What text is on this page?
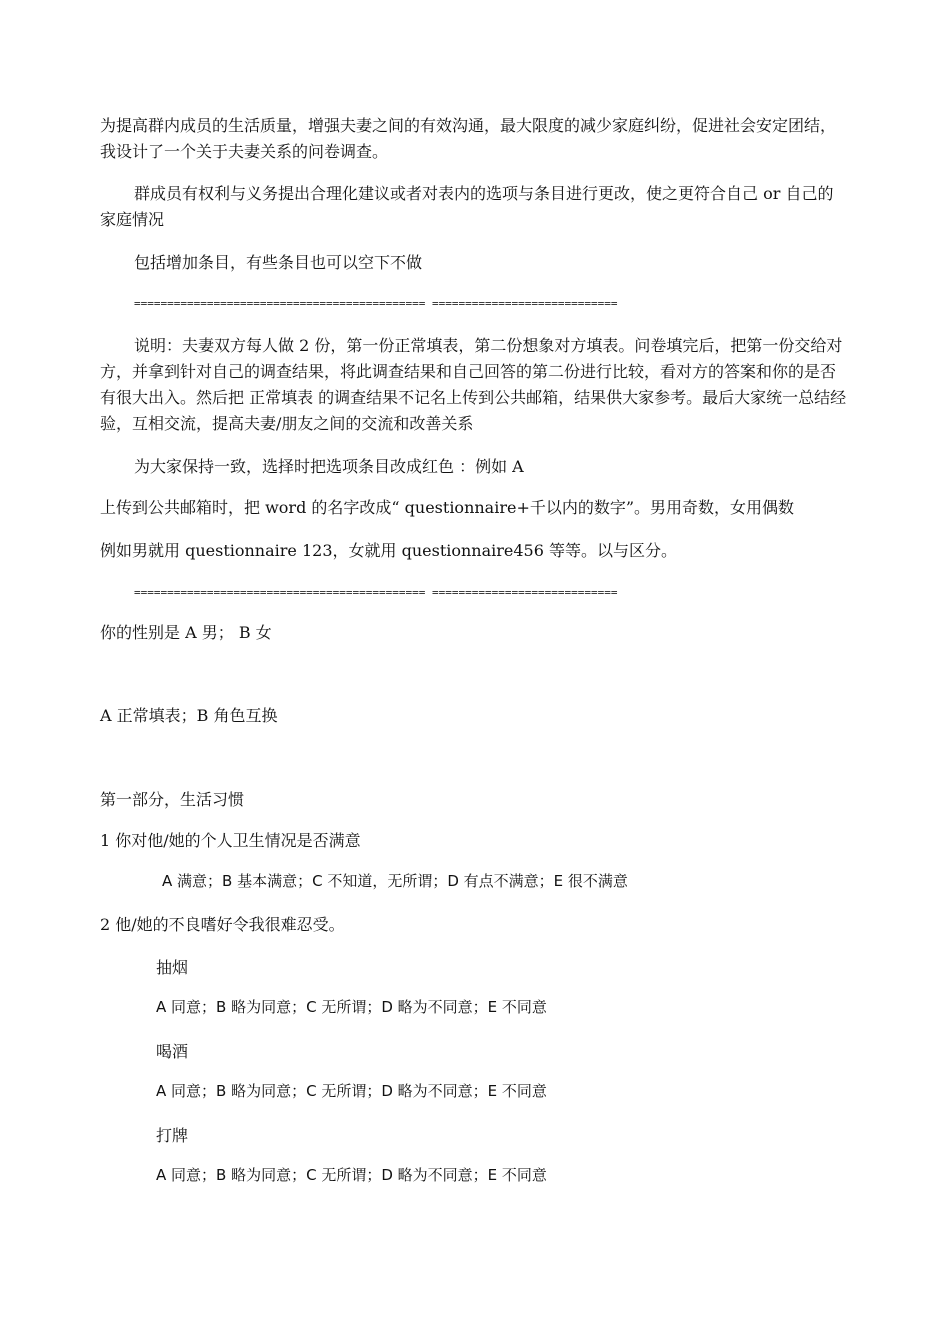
为提高群内成员的生活质量，增强夫妻之间的有效沟通，最大限度的减少家庭纠纷，促进社会安定团结，我设计了一个关于夫妻关系的问卷调查。

群成员有权利与义务提出合理化建议或者对表内的选项与条目进行更改，使之更符合自己 or 自己的家庭情况

包括增加条目，有些条目也可以空下不做

============================================ ============================

说明：夫妻双方每人做 2 份，第一份正常填表，第二份想象对方填表。问卷填完后，把第一份交给对方，并拿到针对自己的调查结果，将此调查结果和自己回答的第二份进行比较，看对方的答案和你的是否有很大出入。然后把 正常填表 的调查结果不记名上传到公共邮箱，结果供大家参考。最后大家统一总结经验，互相交流，提高夫妻/朋友之间的交流和改善关系

为大家保持一致，选择时把选项条目改成红色 ：例如 A

上传到公共邮箱时，把 word 的名字改成“ questionnaire+千以内的数字”。男用奇数，女用偶数

例如男就用 questionnaire 123，女就用 questionnaire456 等等。以与区分。

============================================ ============================

你的性别是 A 男； B 女

A 正常填表；B 角色互换

第一部分，生活习惯

1 你对他/她的个人卫生情况是否满意

A 满意；B 基本满意；C 不知道，无所谓；D 有点不满意；E 很不满意

2 他/她的不良嗜好令我很难忍受。

抽烟

A 同意；B 略为同意；C 无所谓；D 略为不同意；E 不同意

喝酒

A 同意；B 略为同意；C 无所谓；D 略为不同意；E 不同意

打牌

A 同意；B 略为同意；C 无所谓；D 略为不同意；E 不同意
